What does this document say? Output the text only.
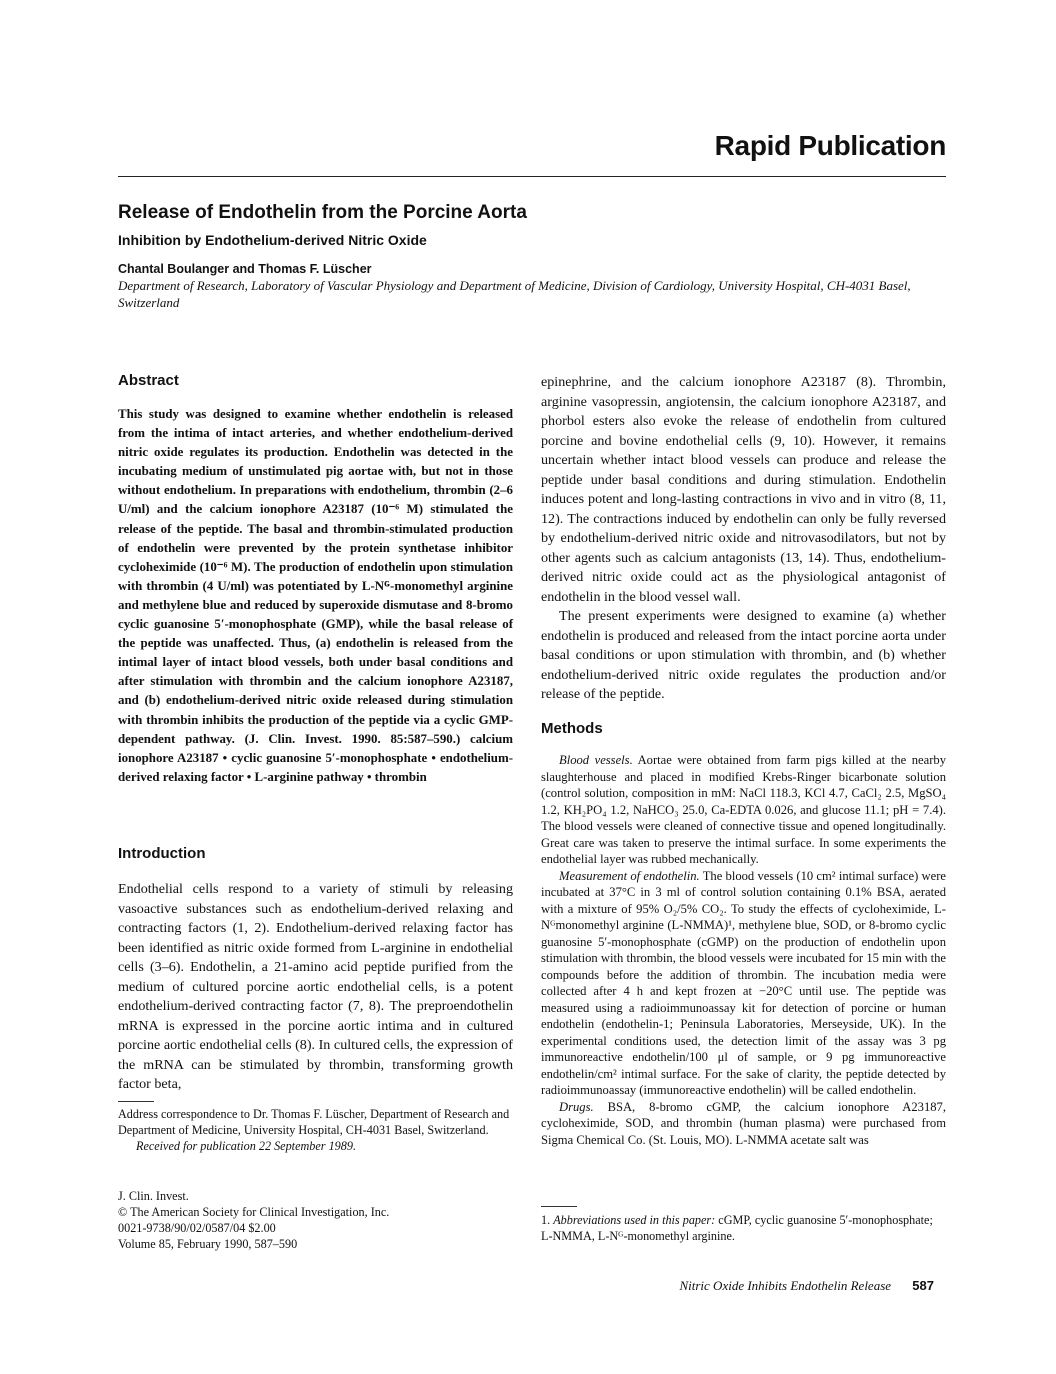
Rapid Publication
Release of Endothelin from the Porcine Aorta
Inhibition by Endothelium-derived Nitric Oxide
Chantal Boulanger and Thomas F. Lüscher
Department of Research, Laboratory of Vascular Physiology and Department of Medicine, Division of Cardiology, University Hospital, CH-4031 Basel, Switzerland
Abstract
This study was designed to examine whether endothelin is released from the intima of intact arteries, and whether endothelium-derived nitric oxide regulates its production. Endothelin was detected in the incubating medium of unstimulated pig aortae with, but not in those without endothelium. In preparations with endothelium, thrombin (2–6 U/ml) and the calcium ionophore A23187 (10⁻⁶ M) stimulated the release of the peptide. The basal and thrombin-stimulated production of endothelin were prevented by the protein synthetase inhibitor cycloheximide (10⁻⁶ M). The production of endothelin upon stimulation with thrombin (4 U/ml) was potentiated by L-Nᴳ-monomethyl arginine and methylene blue and reduced by superoxide dismutase and 8-bromo cyclic guanosine 5′-monophosphate (GMP), while the basal release of the peptide was unaffected. Thus, (a) endothelin is released from the intimal layer of intact blood vessels, both under basal conditions and after stimulation with thrombin and the calcium ionophore A23187, and (b) endothelium-derived nitric oxide released during stimulation with thrombin inhibits the production of the peptide via a cyclic GMP-dependent pathway. (J. Clin. Invest. 1990. 85:587–590.) calcium ionophore A23187 • cyclic guanosine 5′-monophosphate • endothelium-derived relaxing factor • L-arginine pathway • thrombin
Introduction
Endothelial cells respond to a variety of stimuli by releasing vasoactive substances such as endothelium-derived relaxing and contracting factors (1, 2). Endothelium-derived relaxing factor has been identified as nitric oxide formed from L-arginine in endothelial cells (3–6). Endothelin, a 21-amino acid peptide purified from the medium of cultured porcine aortic endothelial cells, is a potent endothelium-derived contracting factor (7, 8). The preproendothelin mRNA is expressed in the porcine aortic intima and in cultured porcine aortic endothelial cells (8). In cultured cells, the expression of the mRNA can be stimulated by thrombin, transforming growth factor beta,

Address correspondence to Dr. Thomas F. Lüscher, Department of Research and Department of Medicine, University Hospital, CH-4031 Basel, Switzerland.

Received for publication 22 September 1989.

J. Clin. Invest.

© The American Society for Clinical Investigation, Inc.

0021-9738/90/02/0587/04 $2.00

Volume 85, February 1990, 587–590

epinephrine, and the calcium ionophore A23187 (8). Thrombin, arginine vasopressin, angiotensin, the calcium ionophore A23187, and phorbol esters also evoke the release of endothelin from cultured porcine and bovine endothelial cells (9, 10). However, it remains uncertain whether intact blood vessels can produce and release the peptide under basal conditions and during stimulation. Endothelin induces potent and long-lasting contractions in vivo and in vitro (8, 11, 12). The contractions induced by endothelin can only be fully reversed by endothelium-derived nitric oxide and nitrovasodilators, but not by other agents such as calcium antagonists (13, 14). Thus, endothelium-derived nitric oxide could act as the physiological antagonist of endothelin in the blood vessel wall.

The present experiments were designed to examine (a) whether endothelin is produced and released from the intact porcine aorta under basal conditions or upon stimulation with thrombin, and (b) whether endothelium-derived nitric oxide regulates the production and/or release of the peptide.

Methods

Blood vessels. Aortae were obtained from farm pigs killed at the nearby slaughterhouse and placed in modified Krebs-Ringer bicarbonate solution (control solution, composition in mM: NaCl 118.3, KCl 4.7, CaCl₂ 2.5, MgSO₄ 1.2, KH₂PO₄ 1.2, NaHCO₃ 25.0, Ca-EDTA 0.026, and glucose 11.1; pH = 7.4). The blood vessels were cleaned of connective tissue and opened longitudinally. Great care was taken to preserve the intimal surface. In some experiments the endothelial layer was rubbed mechanically.

Measurement of endothelin. The blood vessels (10 cm² intimal surface) were incubated at 37°C in 3 ml of control solution containing 0.1% BSA, aerated with a mixture of 95% O₂/5% CO₂. To study the effects of cycloheximide, L-Nᴳmonomethyl arginine (L-NMMA)¹, methylene blue, SOD, or 8-bromo cyclic guanosine 5′-monophosphate (cGMP) on the production of endothelin upon stimulation with thrombin, the blood vessels were incubated for 15 min with the compounds before the addition of thrombin. The incubation media were collected after 4 h and kept frozen at −20°C until use. The peptide was measured using a radioimmunoassay kit for detection of porcine or human endothelin (endothelin-1; Peninsula Laboratories, Merseyside, UK). In the experimental conditions used, the detection limit of the assay was 3 pg immunoreactive endothelin/100 μl of sample, or 9 pg immunoreactive endothelin/cm² intimal surface. For the sake of clarity, the peptide detected by radioimmunoassay (immunoreactive endothelin) will be called endothelin.

Drugs. BSA, 8-bromo cGMP, the calcium ionophore A23187, cycloheximide, SOD, and thrombin (human plasma) were purchased from Sigma Chemical Co. (St. Louis, MO). L-NMMA acetate salt was

1. Abbreviations used in this paper: cGMP, cyclic guanosine 5′-monophosphate; L-NMMA, L-Nᴳ-monomethyl arginine.
Nitric Oxide Inhibits Endothelin Release 587
